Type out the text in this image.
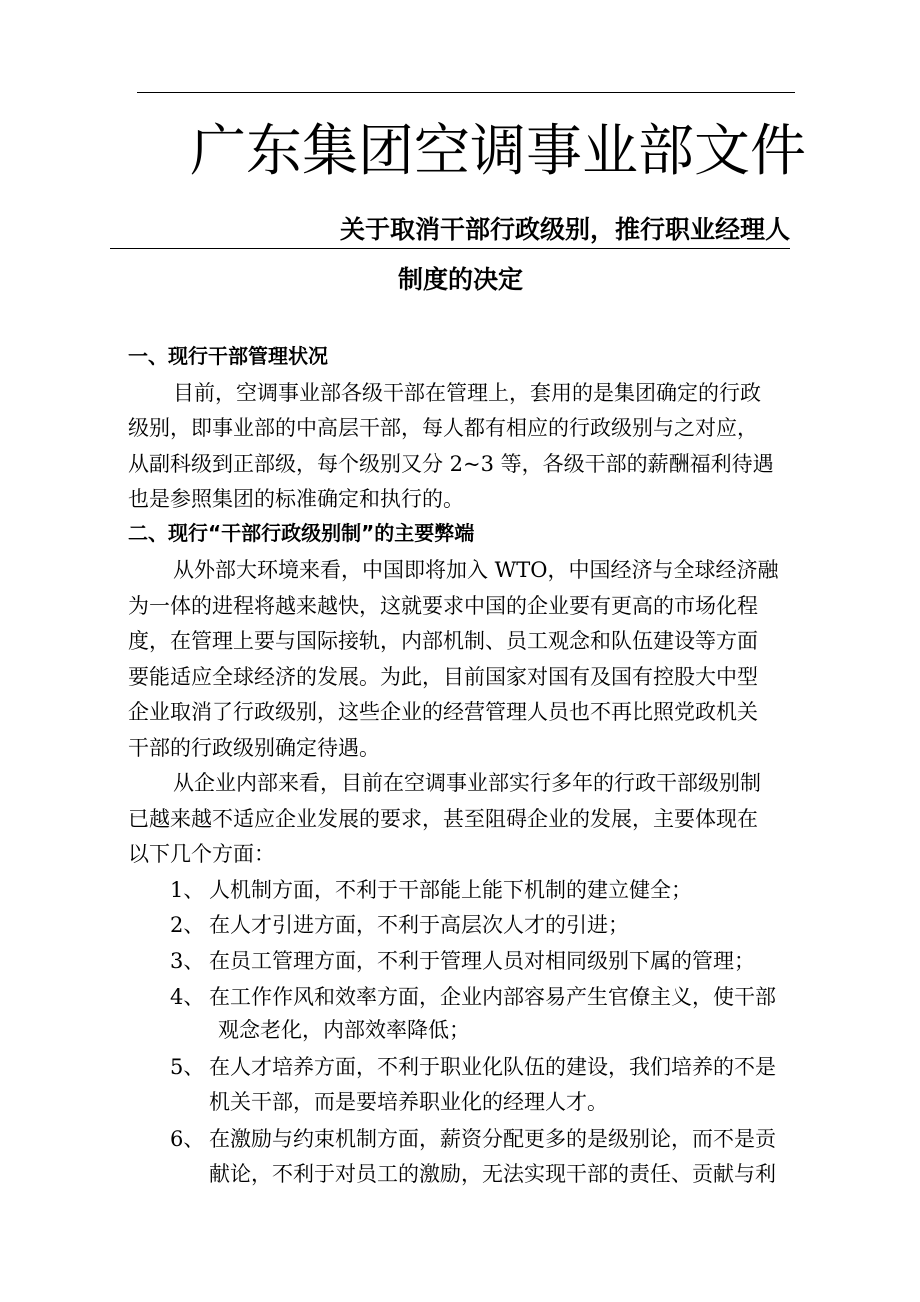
广东集团空调事业部文件
关于取消干部行政级别，推行职业经理人
制度的决定
一、现行干部管理状况
目前，空调事业部各级干部在管理上，套用的是集团确定的行政
级别，即事业部的中高层干部，每人都有相应的行政级别与之对应，
从副科级到正部级，每个级别又分 2~3 等，各级干部的薪酬福利待遇
也是参照集团的标准确定和执行的。
二、现行“干部行政级别制”的主要弊端
从外部大环境来看，中国即将加入 WTO，中国经济与全球经济融
为一体的进程将越来越快，这就要求中国的企业要有更高的市场化程
度，在管理上要与国际接轨，内部机制、员工观念和队伍建设等方面
要能适应全球经济的发展。为此，目前国家对国有及国有控股大中型
企业取消了行政级别，这些企业的经营管理人员也不再比照党政机关
干部的行政级别确定待遇。
从企业内部来看，目前在空调事业部实行多年的行政干部级别制
已越来越不适应企业发展的要求，甚至阻碍企业的发展，主要体现在
以下几个方面：
1、 人机制方面，不利于干部能上能下机制的建立健全；
2、 在人才引进方面，不利于高层次人才的引进；
3、 在员工管理方面，不利于管理人员对相同级别下属的管理；
4、 在工作作风和效率方面，企业内部容易产生官僚主义，使干部
观念老化，内部效率降低；
5、 在人才培养方面，不利于职业化队伍的建设，我们培养的不是
机关干部，而是要培养职业化的经理人才。
6、 在激励与约束机制方面，薪资分配更多的是级别论，而不是贡
献论，不利于对员工的激励，无法实现干部的责任、贡献与利
